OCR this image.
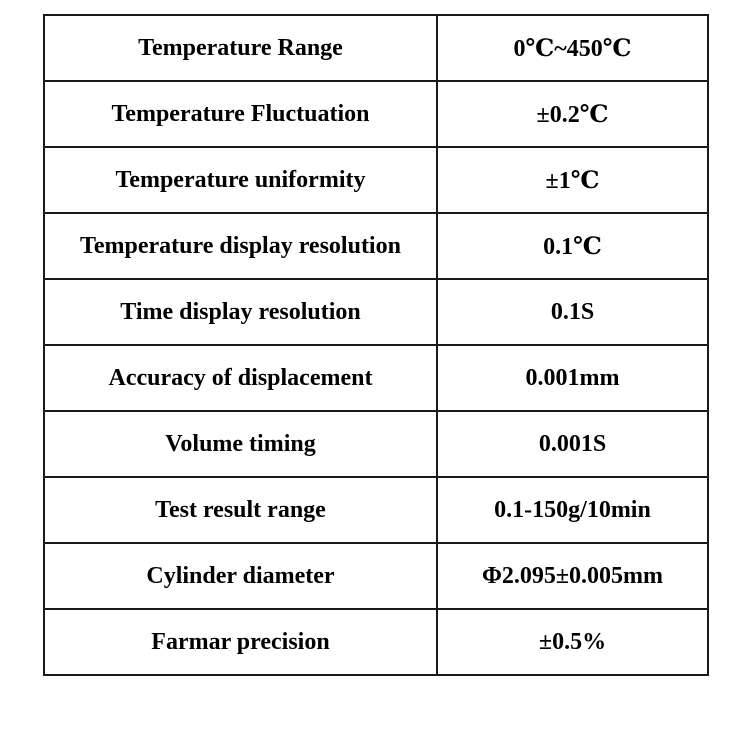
Temperature Range	0℃~450℃
Temperature Fluctuation	±0.2℃
Temperature uniformity	±1℃
Temperature display resolution	0.1℃
Time display resolution	0.1S
Accuracy of displacement	0.001mm
Volume timing	0.001S
Test result range	0.1-150g/10min
Cylinder diameter	Φ2.095±0.005mm
Farmar precision	±0.5%
